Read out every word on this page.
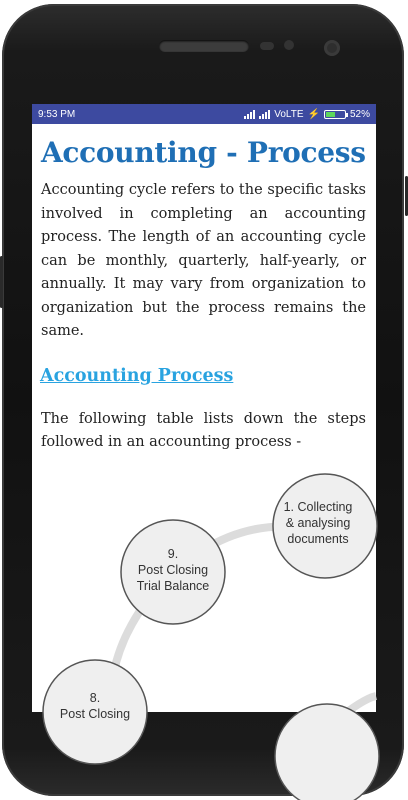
9:53 PM	VoLTE ⚡	52%
Accounting - Process

Accounting cycle refers to the specific tasks involved in completing an accounting process. The length of an accounting cycle can be monthly, quarterly, half-yearly, or annually. It may vary from organization to organization but the process remains the same.

Accounting Process

The following table lists down the steps followed in an accounting process -

1. Collecting & analysing documents
9. Post Closing Trial Balance
8. Post Closing
